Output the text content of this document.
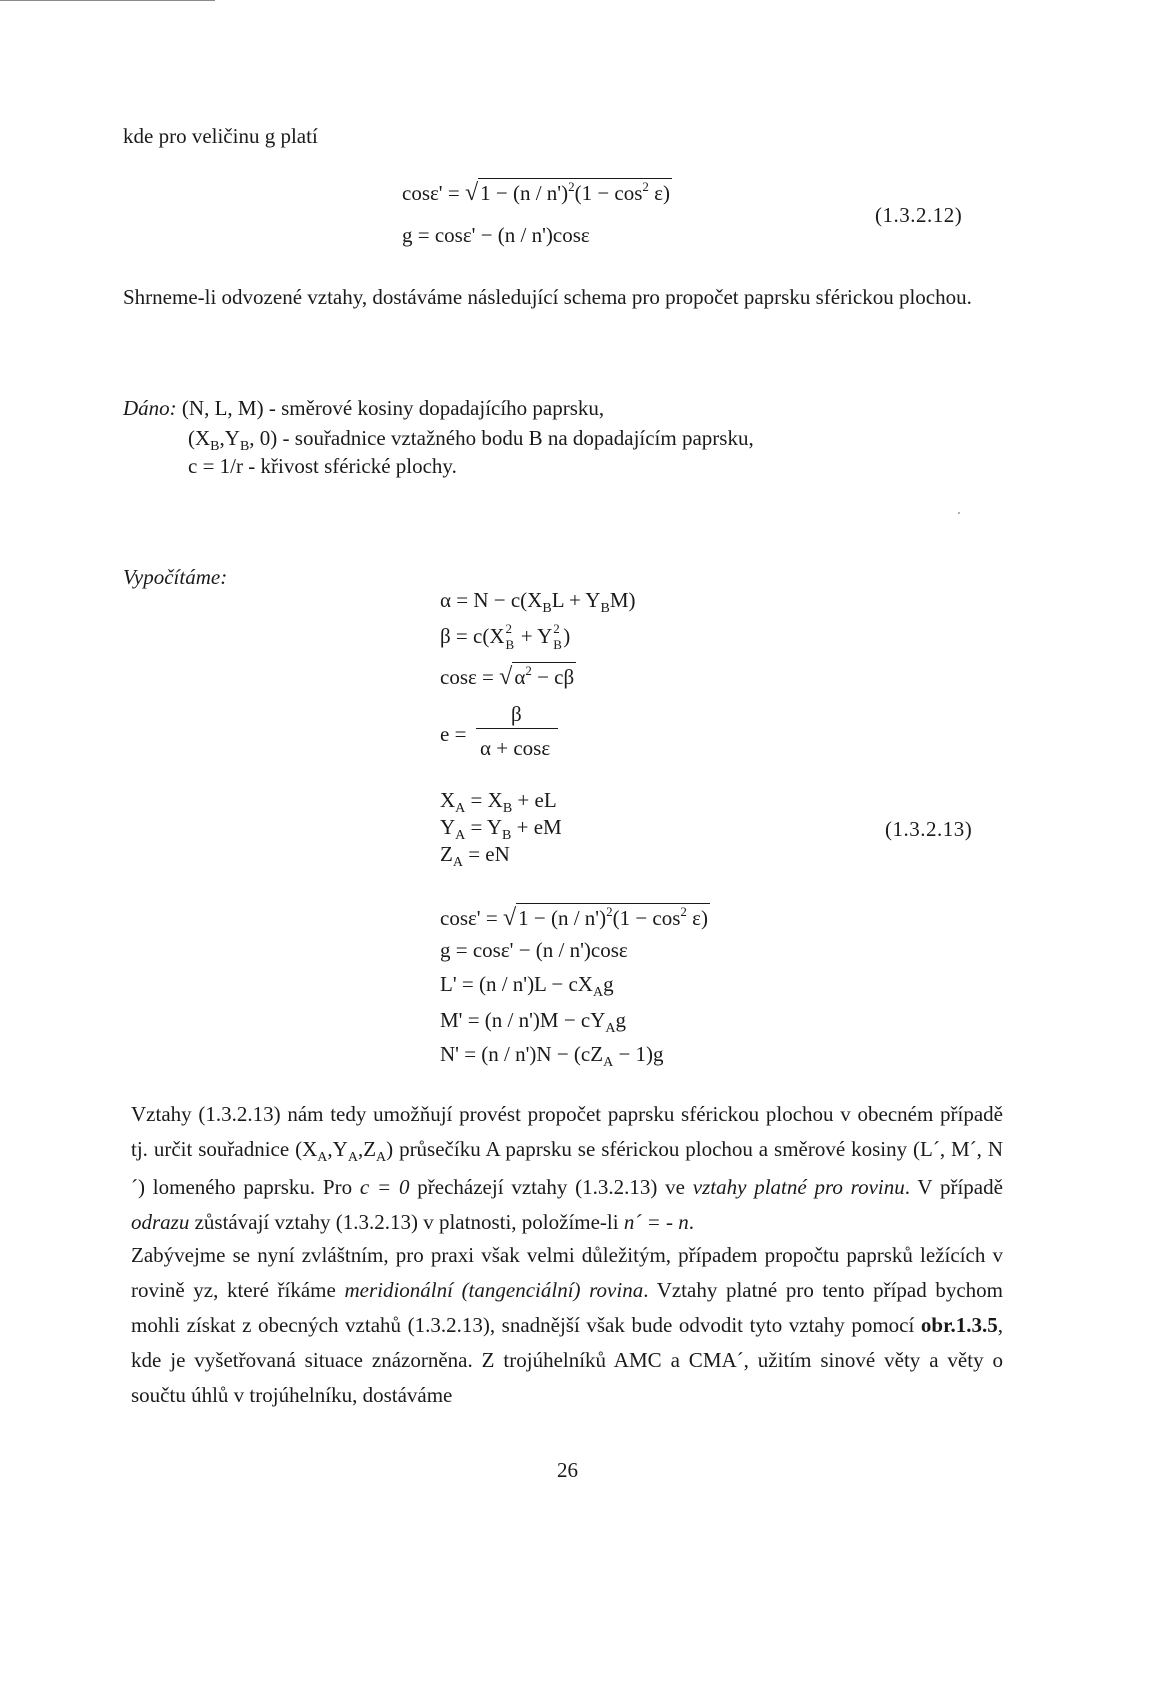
kde pro veličinu g platí
$\cos\varepsilon' = √1 - (n / n')^2(1 - \cos^2 \varepsilon)$
g = cosε' − (n / n')cosε
(1.3.2.12)
Shrneme-li odvozené vztahy, dostáváme následující schema pro propočet paprsku sférickou plochou.
Dáno: (N, L, M) - směrové kosiny dopadajícího paprsku,
($X_B,Y_B$, 0) - souřadnice vztažného bodu B na dopadajícím paprsku,
c = 1/r - křivost sférické plochy.
Vypočítáme:
$\alpha = N - c(X_BL + Y_BM)$
β = c(X 2
B + Y 2
B )
$\cos\varepsilon = √\alpha^2 - c\beta$
e =
β
α + cosε
$X_A = X_B$ + eL
$Y_A = Y_B$ + eM
$Z_A$ = eN
(1.3.2.13)
$\cos\varepsilon' = √1 - (n / n')^2(1 - \cos^2 \varepsilon)$
g = cosε' − (n / n')cosε
$L' = (n / n')L - cX_Ag$
$M' = (n / n')M - cY_Ag$
$N' = (n / n')N - (cZ_A - 1)g$
Vztahy (1.3.2.13) nám tedy umožňují provést propočet paprsku sférickou plochou v obecném případě tj. určit souřadnice $(X_A,Y_A,Z_A)$ průsečíku A paprsku se sférickou plochou a směrové kosiny (L´, M´, N´) lomeného paprsku. Pro c = 0 přecházejí vztahy (1.3.2.13) ve vztahy platné pro rovinu. V případě odrazu zůstávají vztahy (1.3.2.13) v platnosti, položíme-li n´ = - n.
Zabývejme se nyní zvláštním, pro praxi však velmi důležitým, případem propočtu paprsků ležících v rovině yz, které říkáme meridionální (tangenciální) rovina. Vztahy platné pro tento případ bychom mohli získat z obecných vztahů (1.3.2.13), snadnější však bude odvodit tyto vztahy pomocí obr.1.3.5, kde je vyšetřovaná situace znázorněna. Z trojúhelníků AMC a CMA´, užitím sinové věty a věty o součtu úhlů v trojúhelníku, dostáváme
26
